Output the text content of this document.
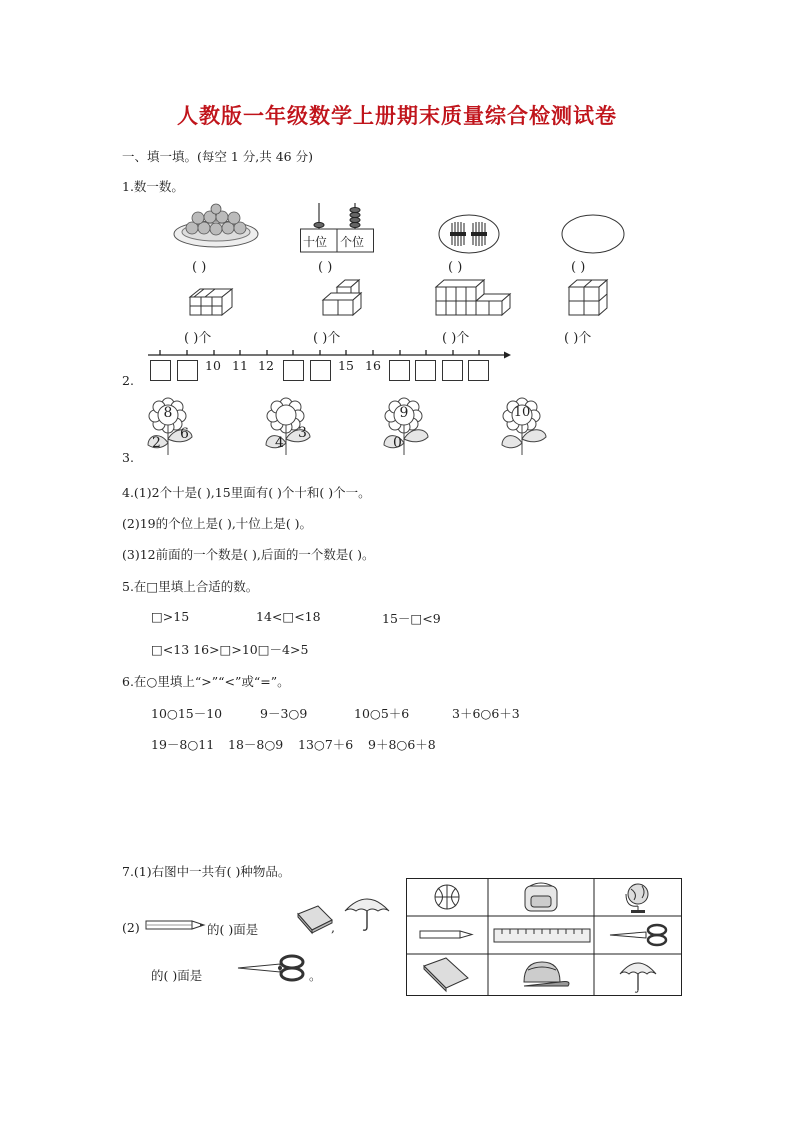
人教版一年级数学上册期末质量综合检测试卷
一、填一填。(每空 1 分,共 46 分)
1.数一数。
( )
十位 个位
( )	( )	( )
( )个	( )个	( )个	( )个
2.
10 11 12	15 16
3.
8
2
6
4
3
9
0
10
4.(1)2个十是( ),15里面有( )个十和( )个一。
(2)19的个位上是( ),十位上是( )。
(3)12前面的一个数是( ),后面的一个数是( )。
5.在□里填上合适的数。
□>15	14<□<18	15－□<9
□<13 16>□>10□－4>5
6.在○里填上“>”“<”或“=”。
10○15－10	9－3○9	10○5＋6	3＋6○6＋3
19－8○11 18－8○9 13○7＋6 9＋8○6＋8
7.(1)右图中一共有( )种物品。
(2)	的( )面是	,
的( )面是	。
